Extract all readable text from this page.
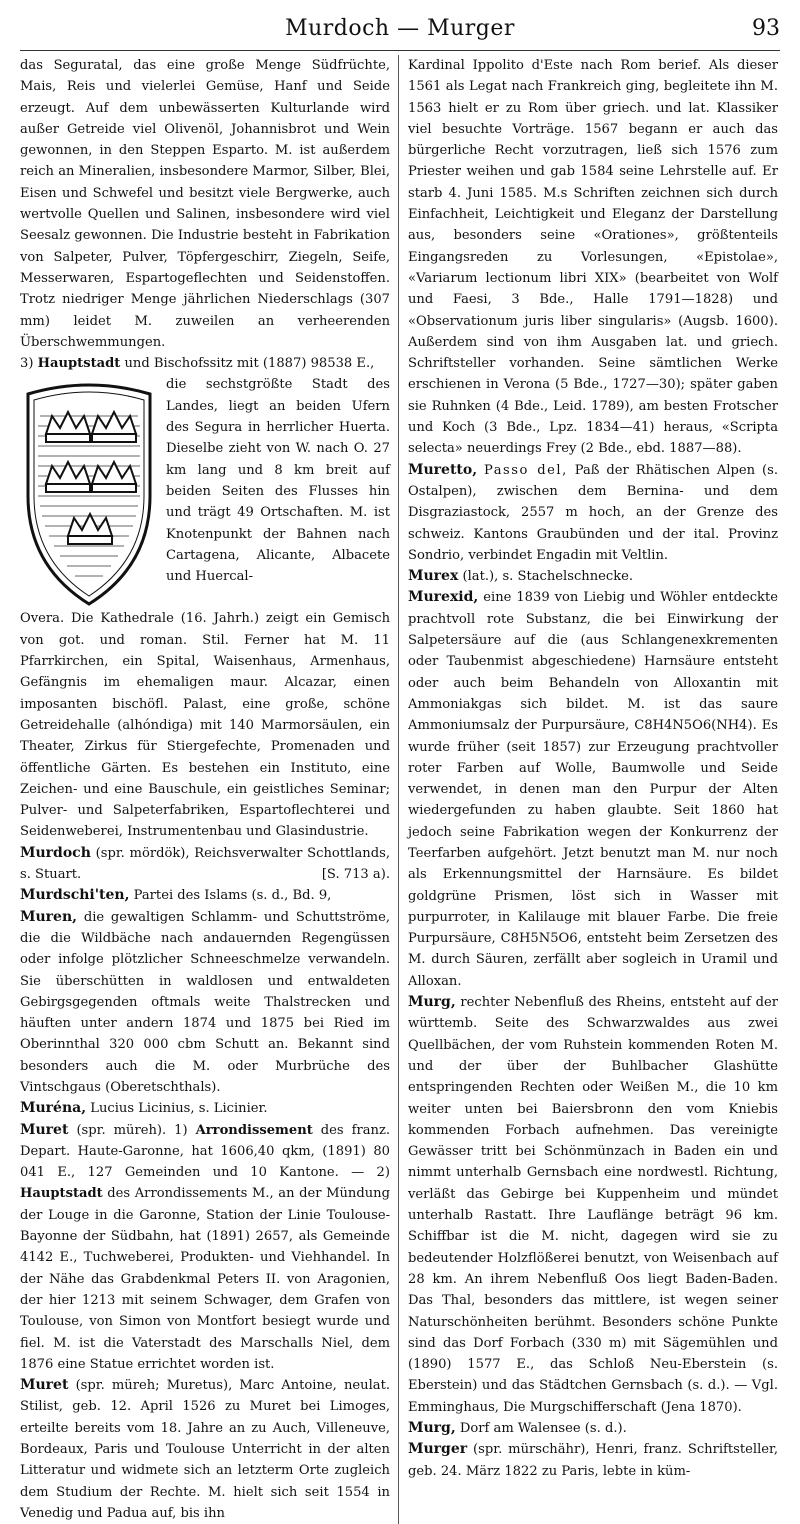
Murdoch — Murger	93

das Seguratal, das eine große Menge Südfrüchte, Mais, Reis und vielerlei Gemüse, Hanf und Seide erzeugt. Auf dem unbewässerten Kulturlande wird außer Getreide viel Olivenöl, Johannisbrot und Wein gewonnen, in den Steppen Esparto. M. ist außerdem reich an Mineralien, insbesondere Marmor, Silber, Blei, Eisen und Schwefel und besitzt viele Bergwerke, auch wertvolle Quellen und Salinen, insbesondere wird viel Seesalz gewonnen. Die Industrie besteht in Fabrikation von Salpeter, Pulver, Töpfergeschirr, Ziegeln, Seife, Messerwaren, Espartogeflechten und Seidenstoffen. Trotz niedriger Menge jährlichen Niederschlags (307 mm) leidet M. zuweilen an verheerenden Überschwemmungen.

3) Hauptstadt und Bischofssitz mit (1887) 98538 E.,

die sechstgrößte Stadt des Landes, liegt an beiden Ufern des Segura in herrlicher Huerta. Dieselbe zieht von W. nach O. 27 km lang und 8 km breit auf beiden Seiten des Flusses hin und trägt 49 Ortschaften. M. ist Knotenpunkt der Bahnen nach Cartagena, Alicante, Albacete und Huercal-

Overa. Die Kathedrale (16. Jahrh.) zeigt ein Gemisch von got. und roman. Stil. Ferner hat M. 11 Pfarrkirchen, ein Spital, Waisenhaus, Armenhaus, Gefängnis im ehemaligen maur. Alcazar, einen imposanten bischöfl. Palast, eine große, schöne Getreidehalle (alhóndiga) mit 140 Marmorsäulen, ein Theater, Zirkus für Stiergefechte, Promenaden und öffentliche Gärten. Es bestehen ein Instituto, eine Zeichen- und eine Bauschule, ein geistliches Seminar; Pulver- und Salpeterfabriken, Espartoflechterei und Seidenweberei, Instrumentenbau und Glasindustrie.

Murdoch (spr. mördök), Reichsverwalter Schottlands, s. Stuart.	[S. 713 a).

Murdschi'ten, Partei des Islams (s. d., Bd. 9,

Muren, die gewaltigen Schlamm- und Schuttströme, die die Wildbäche nach andauernden Regengüssen oder infolge plötzlicher Schneeschmelze verwandeln. Sie überschütten in waldlosen und entwaldeten Gebirgsgegenden oftmals weite Thalstrecken und häuften unter andern 1874 und 1875 bei Ried im Oberinnthal 320 000 cbm Schutt an. Bekannt sind besonders auch die M. oder Murbrüche des Vintschgaus (Oberetschthals).

Muréna, Lucius Licinius, s. Licinier.

Muret (spr. müreh). 1) Arrondissement des franz. Depart. Haute-Garonne, hat 1606,40 qkm, (1891) 80 041 E., 127 Gemeinden und 10 Kantone. — 2) Hauptstadt des Arrondissements M., an der Mündung der Louge in die Garonne, Station der Linie Toulouse-Bayonne der Südbahn, hat (1891) 2657, als Gemeinde 4142 E., Tuchweberei, Produkten- und Viehhandel. In der Nähe das Grabdenkmal Peters II. von Aragonien, der hier 1213 mit seinem Schwager, dem Grafen von Toulouse, von Simon von Montfort besiegt wurde und fiel. M. ist die Vaterstadt des Marschalls Niel, dem 1876 eine Statue errichtet worden ist.

Muret (spr. müreh; Muretus), Marc Antoine, neulat. Stilist, geb. 12. April 1526 zu Muret bei Limoges, erteilte bereits vom 18. Jahre an zu Auch, Villeneuve, Bordeaux, Paris und Toulouse Unterricht in der alten Litteratur und widmete sich an letzterm Orte zugleich dem Studium der Rechte. M. hielt sich seit 1554 in Venedig und Padua auf, bis ihn

Kardinal Ippolito d'Este nach Rom berief. Als dieser 1561 als Legat nach Frankreich ging, begleitete ihn M. 1563 hielt er zu Rom über griech. und lat. Klassiker viel besuchte Vorträge. 1567 begann er auch das bürgerliche Recht vorzutragen, ließ sich 1576 zum Priester weihen und gab 1584 seine Lehrstelle auf. Er starb 4. Juni 1585. M.s Schriften zeichnen sich durch Einfachheit, Leichtigkeit und Eleganz der Darstellung aus, besonders seine «Orationes», größtenteils Eingangsreden zu Vorlesungen, «Epistolae», «Variarum lectionum libri XIX» (bearbeitet von Wolf und Faesi, 3 Bde., Halle 1791—1828) und «Observationum juris liber singularis» (Augsb. 1600). Außerdem sind von ihm Ausgaben lat. und griech. Schriftsteller vorhanden. Seine sämtlichen Werke erschienen in Verona (5 Bde., 1727—30); später gaben sie Ruhnken (4 Bde., Leid. 1789), am besten Frotscher und Koch (3 Bde., Lpz. 1834—41) heraus, «Scripta selecta» neuerdings Frey (2 Bde., ebd. 1887—88).

Muretto, Passo del, Paß der Rhätischen Alpen (s. Ostalpen), zwischen dem Bernina- und dem Disgraziastock, 2557 m hoch, an der Grenze des schweiz. Kantons Graubünden und der ital. Provinz Sondrio, verbindet Engadin mit Veltlin.

Murex (lat.), s. Stachelschnecke.

Murexid, eine 1839 von Liebig und Wöhler entdeckte prachtvoll rote Substanz, die bei Einwirkung der Salpetersäure auf die (aus Schlangenexkrementen oder Taubenmist abgeschiedene) Harnsäure entsteht oder auch beim Behandeln von Alloxantin mit Ammoniakgas sich bildet. M. ist das saure Ammoniumsalz der Purpursäure, C8H4N5O6(NH4). Es wurde früher (seit 1857) zur Erzeugung prachtvoller roter Farben auf Wolle, Baumwolle und Seide verwendet, in denen man den Purpur der Alten wiedergefunden zu haben glaubte. Seit 1860 hat jedoch seine Fabrikation wegen der Konkurrenz der Teerfarben aufgehört. Jetzt benutzt man M. nur noch als Erkennungsmittel der Harnsäure. Es bildet goldgrüne Prismen, löst sich in Wasser mit purpurroter, in Kalilauge mit blauer Farbe. Die freie Purpursäure, C8H5N5O6, entsteht beim Zersetzen des M. durch Säuren, zerfällt aber sogleich in Uramil und Alloxan.

Murg, rechter Nebenfluß des Rheins, entsteht auf der württemb. Seite des Schwarzwaldes aus zwei Quellbächen, der vom Ruhstein kommenden Roten M. und der über der Buhlbacher Glashütte entspringenden Rechten oder Weißen M., die 10 km weiter unten bei Baiersbronn den vom Kniebis kommenden Forbach aufnehmen. Das vereinigte Gewässer tritt bei Schönmünzach in Baden ein und nimmt unterhalb Gernsbach eine nordwestl. Richtung, verläßt das Gebirge bei Kuppenheim und mündet unterhalb Rastatt. Ihre Lauflänge beträgt 96 km. Schiffbar ist die M. nicht, dagegen wird sie zu bedeutender Holzflößerei benutzt, von Weisenbach auf 28 km. An ihrem Nebenfluß Oos liegt Baden-Baden. Das Thal, besonders das mittlere, ist wegen seiner Naturschönheiten berühmt. Besonders schöne Punkte sind das Dorf Forbach (330 m) mit Sägemühlen und (1890) 1577 E., das Schloß Neu-Eberstein (s. Eberstein) und das Städtchen Gernsbach (s. d.). — Vgl. Emminghaus, Die Murgschifferschaft (Jena 1870).

Murg, Dorf am Walensee (s. d.).

Murger (spr. mürschähr), Henri, franz. Schriftsteller, geb. 24. März 1822 zu Paris, lebte in küm-
